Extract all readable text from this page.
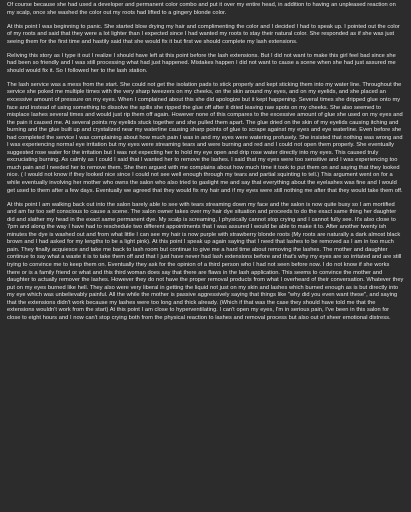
Of course because she had used a developer and permanent color combo and put it over my entire head, in addition to having an unpleased reaction on my scalp, once she washed the color out my roots had lifted to a gingery blonde color.

At this point I was beginning to panic. She started blow drying my hair and complimenting the color and I decided I had to speak up. I pointed out the color of my roots and said that they were a lot lighter than I expected since I had wanted my roots to stay their natural color. She responded as if she was just seeing them for the first time and hastily said that she would fix it but first we should complete my lash extensions.

Reliving this story as I type it out I realize I should have left at this point before the lash extensions. But I did not want to make this girl feel bad since she had been so friendly and I was still processing what had just happened. Mistakes happen I did not want to cause a scene when she had just assured me should would fix it. So I followed her to the lash station.

The lash service was a mess from the start. She could not get the isolation pads to stick properly and kept sticking them into my water line. Throughout the service she poked me multiple times with the very sharp tweezers on my cheeks, on the skin around my eyes, and on my eyelids, and she placed an excessive amount of pressure on my eyes. When I complained about this she did apologize but it kept happening. Several times she dripped glue onto my face and instead of using something to dissolve the spills she ripped the glue off after it dried leaving raw spots on my cheeks. She also seemed to misplace lashes several times and would just rip them off again. However none of this compares to the excessive amount of glue she used on my eyes and the pain it caused me. At several points my eyelids stuck together and she pulled them apart. The glue dried on the skin of my eyelids causing itching and burning and the glue built up and crystalized near my waterline causing sharp points of glue to scrape against my eyes and eye waterline. Even before she had completed the service I was complaining about how much pain I was in and my eyes were watering profusely. She insisted that nothing was wrong and I was experiencing normal eye irritation but my eyes were streaming tears and were burning and red and I could not open them properly. She eventually suggested rose water for the irritation but I was not expecting her to hold my eye open and drip rose water directly into my eyes. This caused truly excruciating burning. As calmly as I could I said that I wanted her to remove the lashes. I said that my eyes were too sensitive and I was experiencing too much pain and I needed her to remove them. She then argued with me complains about how much time it took to put them on and saying that they looked nice. ( I would not know if they looked nice since I could not see well enough through my tears and partial squinting to tell.) This argument went on for a while eventually involving her mother who owns the salon who also tried to gaslight me and say that everything about the eyelashes was fine and I would get used to them after a few days. Eventually we agreed that they would fix my hair and if my eyes were still nothing me after that they would take them off.

At this point I am walking back out into the salon barely able to see with tears streaming down my face and the salon is now quite busy so I am mortified and am far too self conscious to cause a scene. The salon owner takes over my hair dye situation and proceeds to do the exact same thing her daughter did and slather my head in the exact same permanent dye. My scalp is screaming, I physically cannot stop crying and I cannot fully see. It's also close to 7pm and along the way I have had to reschedule two different appointments that I was assured I would be able to make it to. After another twenty ish minutes the dye is washed out and from what little I can see my hair is now purple with strawberry blonde roots (My roots are naturally a dark almost black brown and I had asked for my lengths to be a light pink). At this point I speak up again saying that I need that lashes to be removed as I am in too much pain. They finally acquiesce and take me back to lash room but continue to give me a hard time about removing the lashes. The mother and daughter continue to say what a waste it is to take them off and that I just have never had lash extensions before and that's why my eyes are so irritated and are still trying to convince me to keep them on. Eventually they ask for the opinion of a third person who I had not seen before now. I do not know if she works there or is a family friend or what and this third woman does say that there are flaws in the lash application. This seems to convince the mother and daughter to actually remover the lashes. However they do not have the proper removal products from what I overheard of their conversation. Whatever they put on my eyes burned like hell. They also were very liberal in getting the liquid not just on my skin and lashes which burned enough as is but directly into my eye which was unbelievably painful. All the while the mother is passive aggressively saying that things like "why did you even want these", and saying that the extensions didn't work because my lashes were too long and thick already. (Which if that was the case they should have told me that the extensions wouldn't work from the start) At this point I am close to hyperventilating. I can't open my eyes, I'm in serious pain, I've been in this salon for close to eight hours and I now can't stop crying both from the physical reaction to lashes and removal process but also out of sheer emotional distress.
